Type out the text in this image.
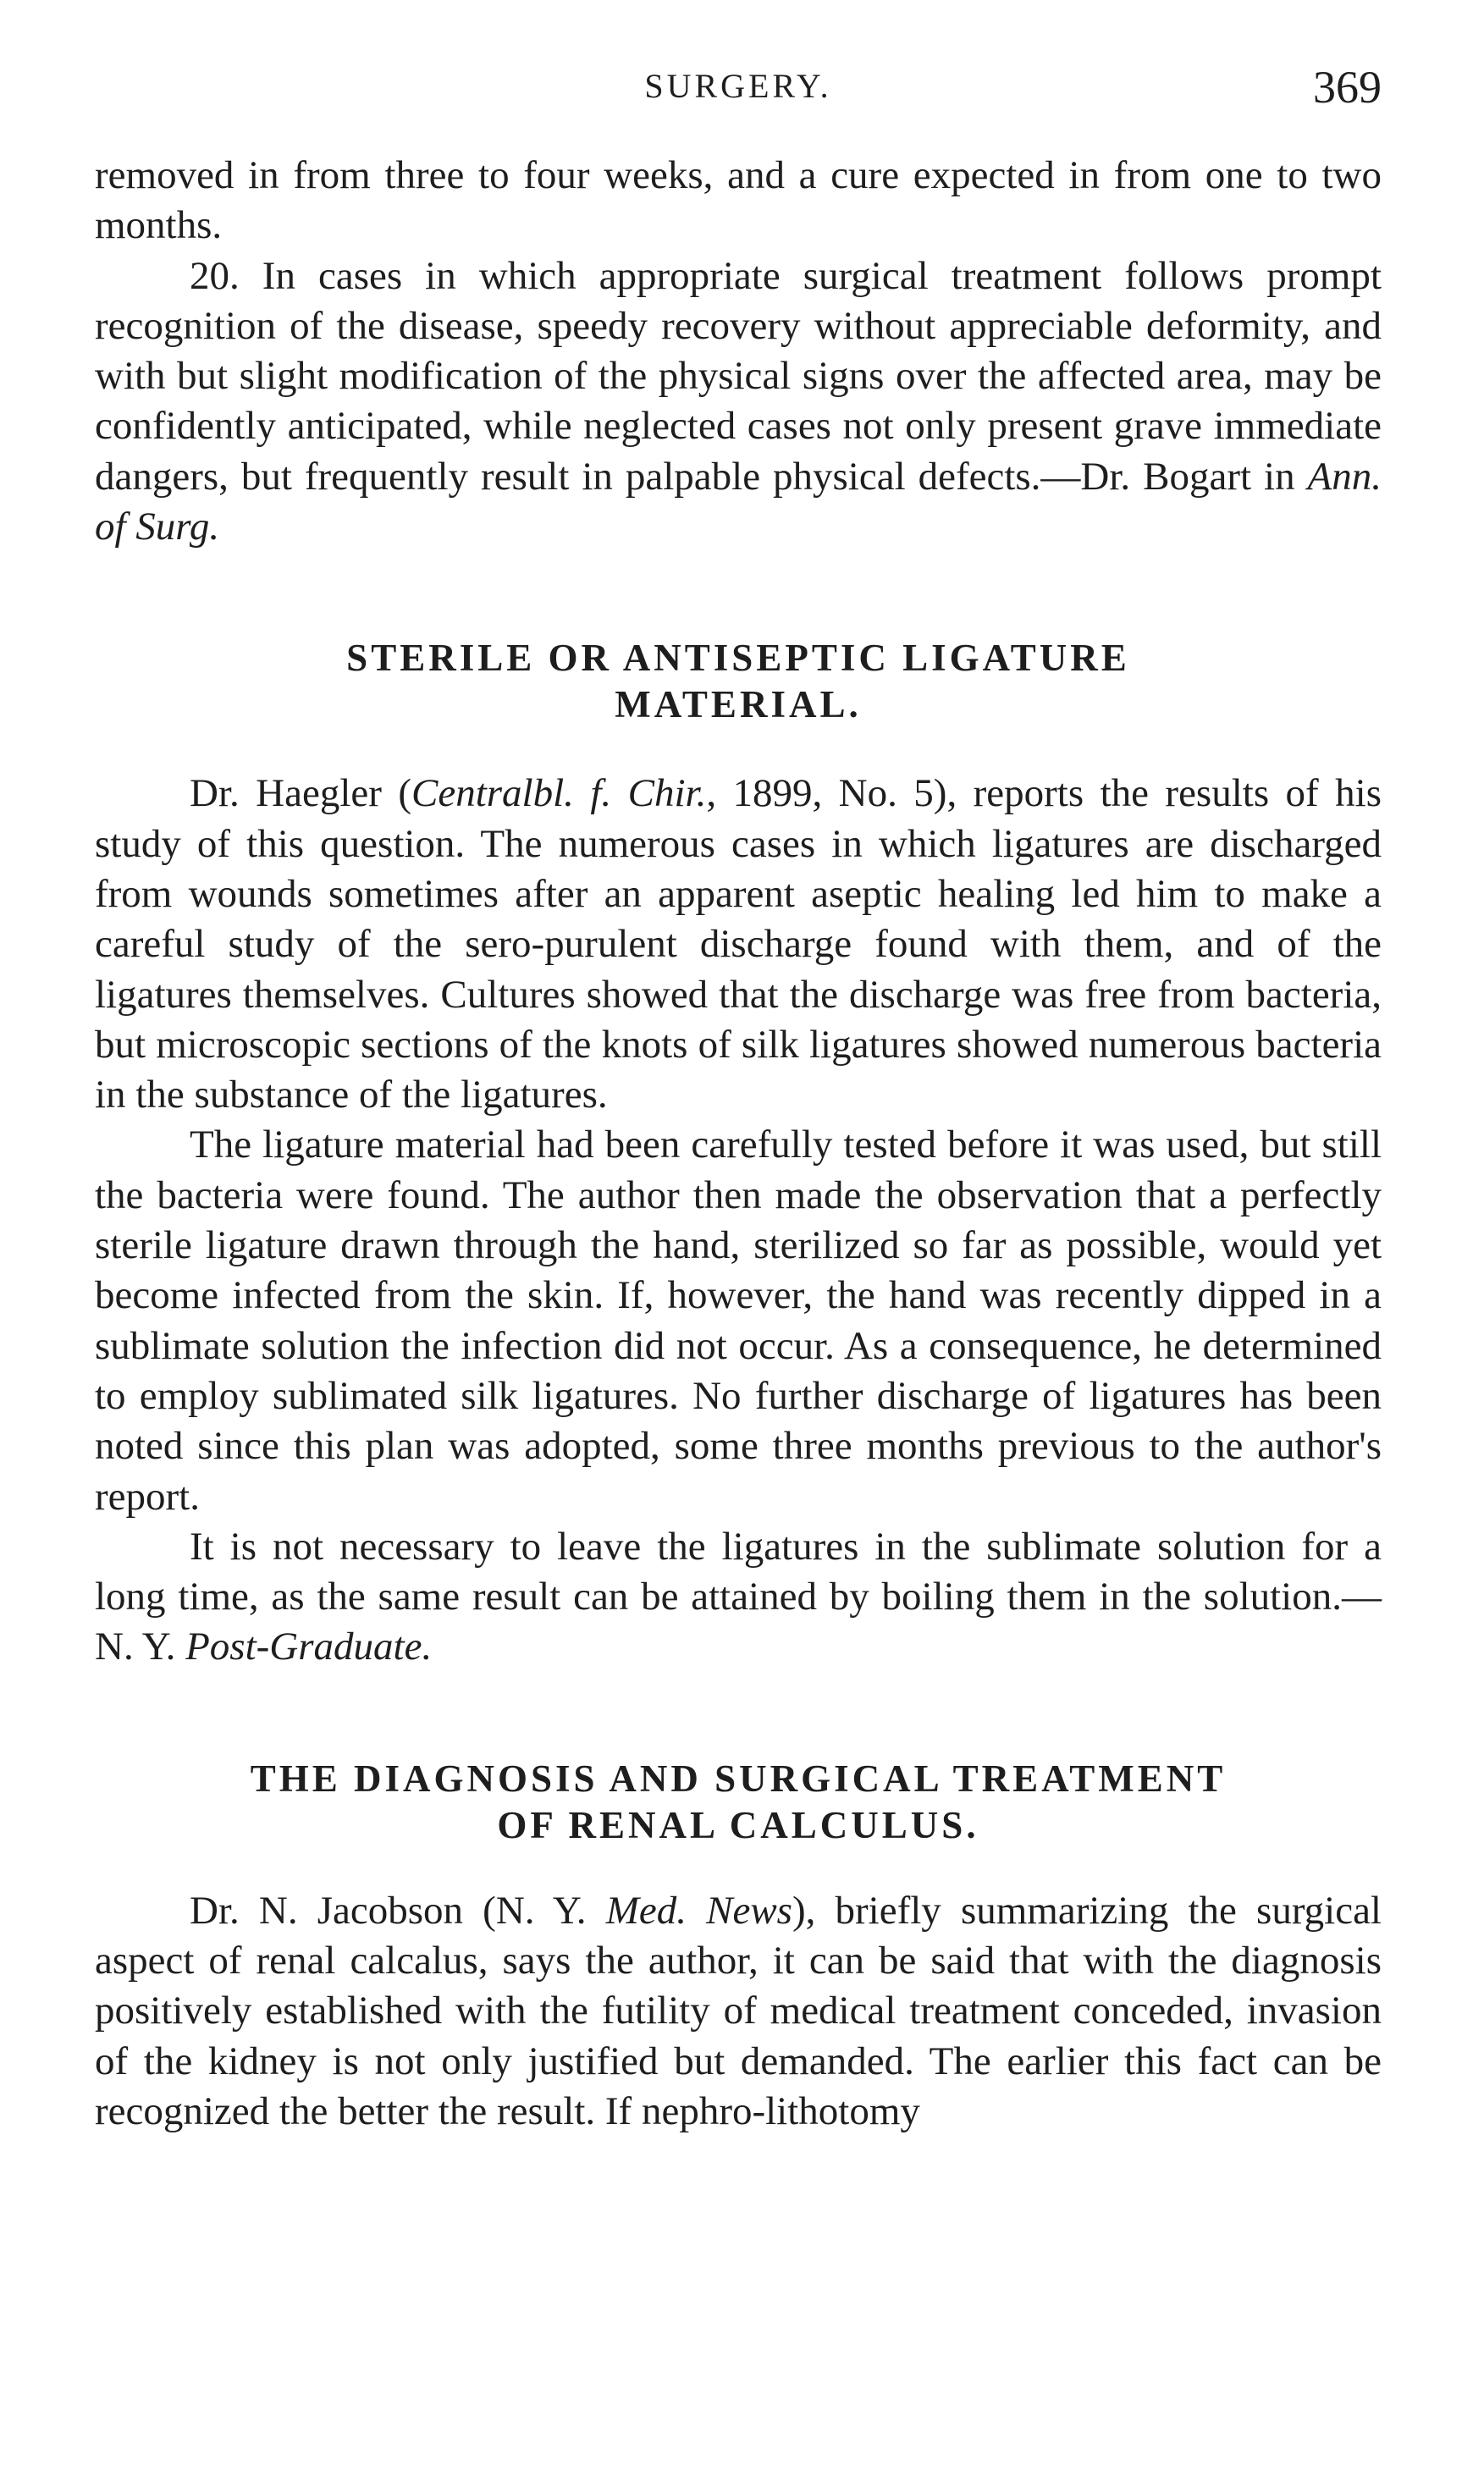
SURGERY.	369

removed in from three to four weeks, and a cure expected in from one to two months.

20. In cases in which appropriate surgical treatment follows prompt recognition of the disease, speedy recovery without appreciable deformity, and with but slight modification of the physical signs over the affected area, may be confidently anticipated, while neglected cases not only present grave immediate dangers, but frequently result in palpable physical defects.—Dr. Bogart in Ann. of Surg.

STERILE OR ANTISEPTIC LIGATURE
MATERIAL.

Dr. Haegler (Centralbl. f. Chir., 1899, No. 5), reports the results of his study of this question. The numerous cases in which ligatures are discharged from wounds sometimes after an apparent aseptic healing led him to make a careful study of the sero-purulent discharge found with them, and of the ligatures themselves. Cultures showed that the discharge was free from bacteria, but microscopic sections of the knots of silk ligatures showed numerous bacteria in the substance of the ligatures.

The ligature material had been carefully tested before it was used, but still the bacteria were found. The author then made the observation that a perfectly sterile ligature drawn through the hand, sterilized so far as possible, would yet become infected from the skin. If, however, the hand was recently dipped in a sublimate solution the infection did not occur. As a consequence, he determined to employ sublimated silk ligatures. No further discharge of ligatures has been noted since this plan was adopted, some three months previous to the author's report.

It is not necessary to leave the ligatures in the sublimate solution for a long time, as the same result can be attained by boiling them in the solution.—N. Y. Post-Graduate.

THE DIAGNOSIS AND SURGICAL TREATMENT
OF RENAL CALCULUS.

Dr. N. Jacobson (N. Y. Med. News), briefly summarizing the surgical aspect of renal calcalus, says the author, it can be said that with the diagnosis positively established with the futility of medical treatment conceded, invasion of the kidney is not only justified but demanded. The earlier this fact can be recognized the better the result. If nephro-lithotomy
